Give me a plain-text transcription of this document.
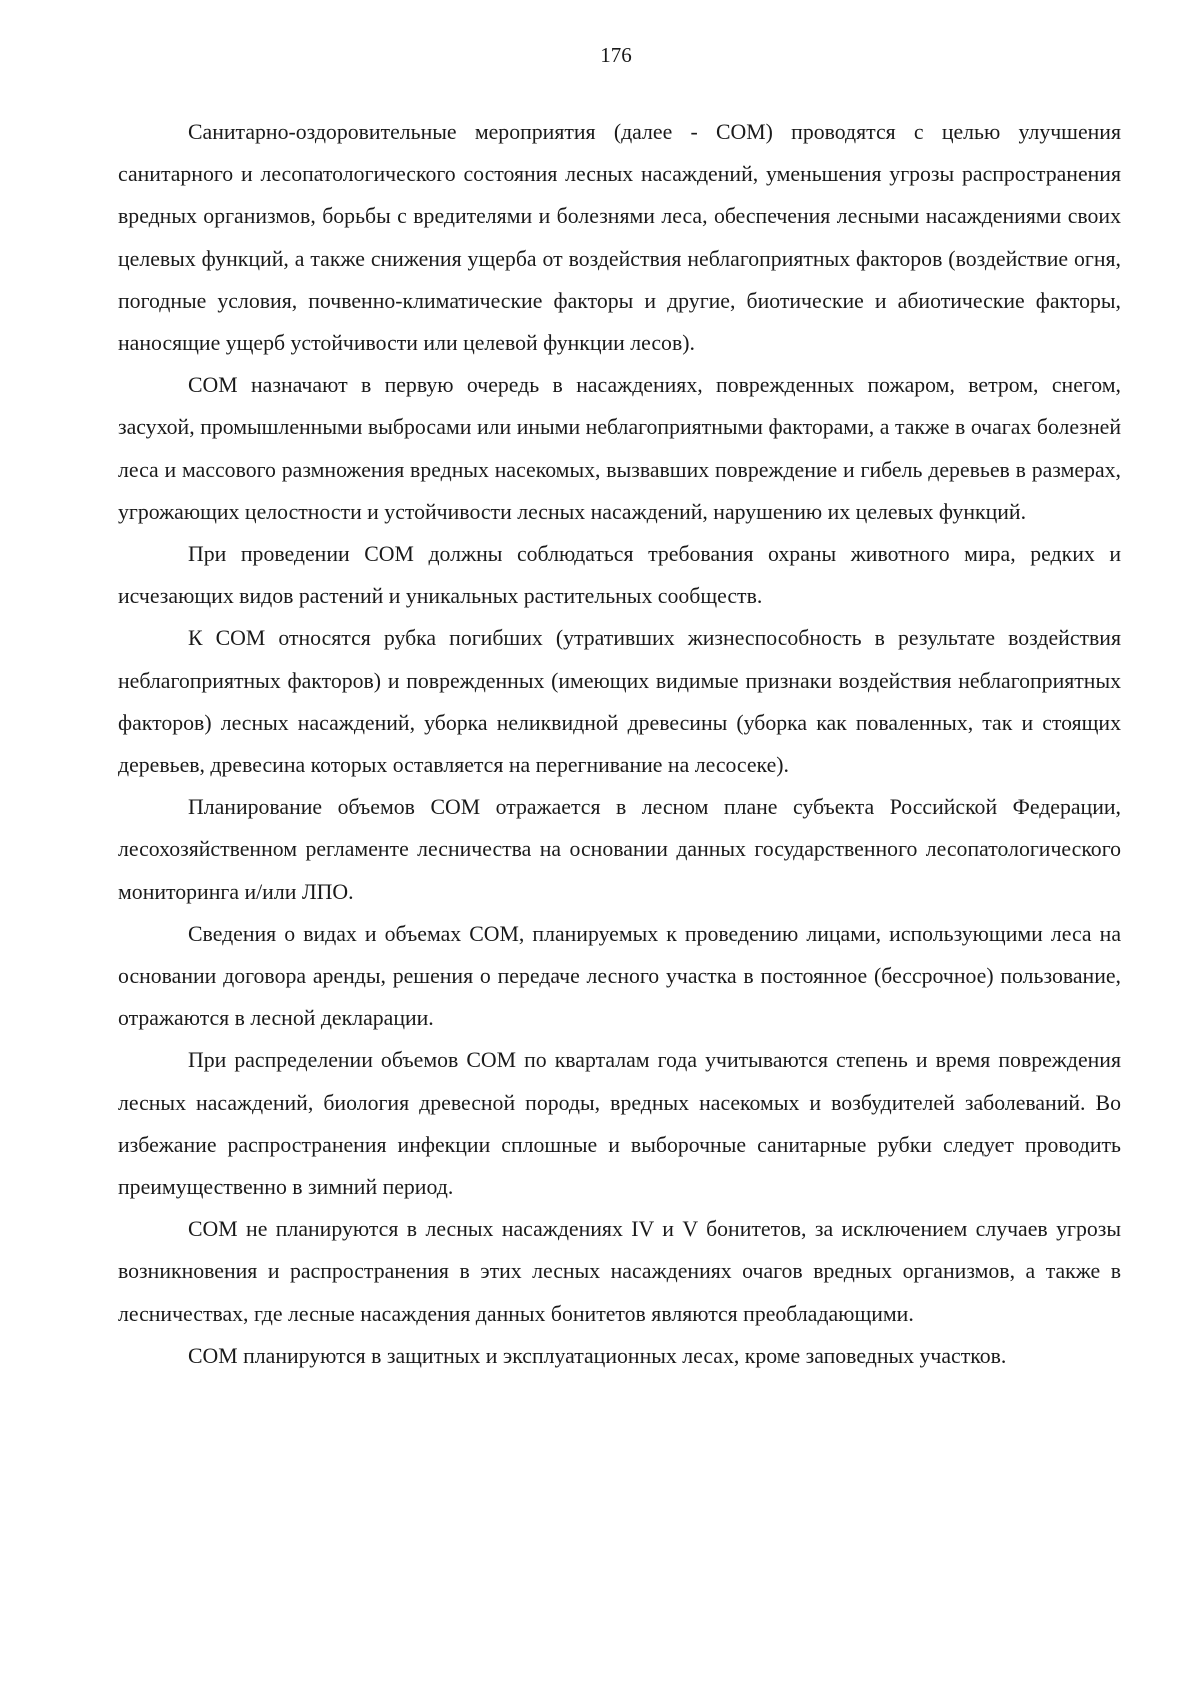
176

Санитарно-оздоровительные мероприятия (далее - СОМ) проводятся с целью улучшения санитарного и лесопатологического состояния лесных насаждений, уменьшения угрозы распространения вредных организмов, борьбы с вредителями и болезнями леса, обеспечения лесными насаждениями своих целевых функций, а также снижения ущерба от воздействия неблагоприятных факторов (воздействие огня, погодные условия, почвенно-климатические факторы и другие, биотические и абиотические факторы, наносящие ущерб устойчивости или целевой функции лесов).

СОМ назначают в первую очередь в насаждениях, поврежденных пожаром, ветром, снегом, засухой, промышленными выбросами или иными неблагоприятными факторами, а также в очагах болезней леса и массового размножения вредных насекомых, вызвавших повреждение и гибель деревьев в размерах, угрожающих целостности и устойчивости лесных насаждений, нарушению их целевых функций.

При проведении СОМ должны соблюдаться требования охраны животного мира, редких и исчезающих видов растений и уникальных растительных сообществ.

К СОМ относятся рубка погибших (утративших жизнеспособность в результате воздействия неблагоприятных факторов) и поврежденных (имеющих видимые признаки воздействия неблагоприятных факторов) лесных насаждений, уборка неликвидной древесины (уборка как поваленных, так и стоящих деревьев, древесина которых оставляется на перегнивание на лесосеке).

Планирование объемов СОМ отражается в лесном плане субъекта Российской Федерации, лесохозяйственном регламенте лесничества на основании данных государственного лесопатологического мониторинга и/или ЛПО.

Сведения о видах и объемах СОМ, планируемых к проведению лицами, использующими леса на основании договора аренды, решения о передаче лесного участка в постоянное (бессрочное) пользование, отражаются в лесной декларации.

При распределении объемов СОМ по кварталам года учитываются степень и время повреждения лесных насаждений, биология древесной породы, вредных насекомых и возбудителей заболеваний. Во избежание распространения инфекции сплошные и выборочные санитарные рубки следует проводить преимущественно в зимний период.

СОМ не планируются в лесных насаждениях IV и V бонитетов, за исключением случаев угрозы возникновения и распространения в этих лесных насаждениях очагов вредных организмов, а также в лесничествах, где лесные насаждения данных бонитетов являются преобладающими.

СОМ планируются в защитных и эксплуатационных лесах, кроме заповедных участков.
